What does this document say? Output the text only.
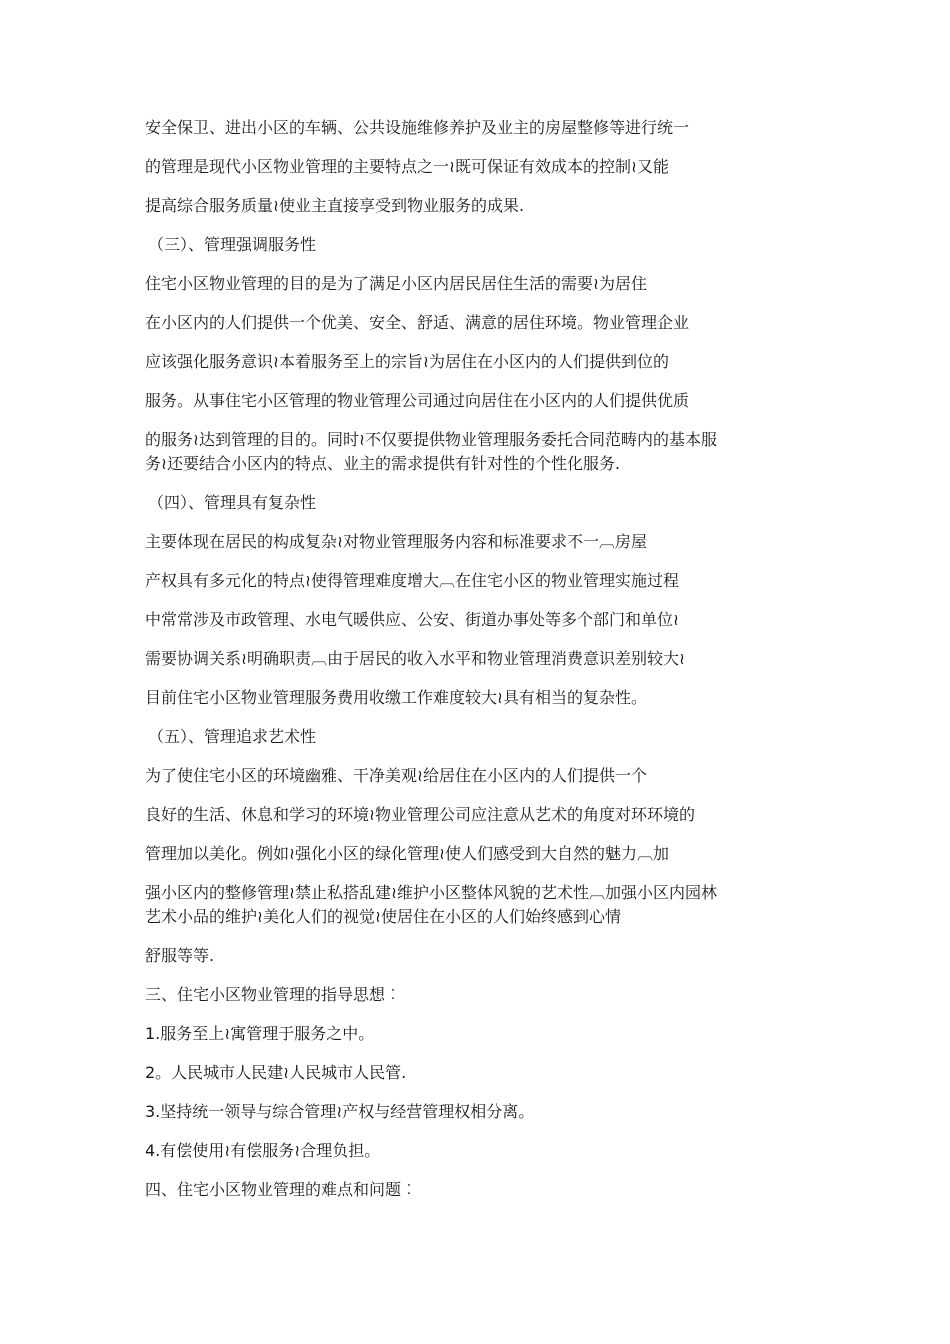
安全保卫、进出小区的车辆、公共设施维修养护及业主的房屋整修等进行统一
的管理是现代小区物业管理的主要特点之一≀既可保证有效成本的控制≀又能
提高综合服务质量≀使业主直接享受到物业服务的成果.
（三）、管理强调服务性
住宅小区物业管理的目的是为了满足小区内居民居住生活的需要≀为居住
在小区内的人们提供一个优美、安全、舒适、满意的居住环境。物业管理企业
应该强化服务意识≀本着服务至上的宗旨≀为居住在小区内的人们提供到位的
服务。从事住宅小区管理的物业管理公司通过向居住在小区内的人们提供优质
的服务≀达到管理的目的。同时≀不仅要提供物业管理服务委托合同范畴内的基本服
务≀还要结合小区内的特点、业主的需求提供有针对性的个性化服务.
（四）、管理具有复杂性
主要体现在居民的构成复杂≀对物业管理服务内容和标准要求不一︹房屋
产权具有多元化的特点≀使得管理难度增大︹在住宅小区的物业管理实施过程
中常常涉及市政管理、水电气暖供应、公安、街道办事处等多个部门和单位≀
需要协调关系≀明确职责︹由于居民的收入水平和物业管理消费意识差别较大≀
目前住宅小区物业管理服务费用收缴工作难度较大≀具有相当的复杂性。
（五）、管理追求艺术性
为了使住宅小区的环境幽雅、干净美观≀给居住在小区内的人们提供一个
良好的生活、休息和学习的环境≀物业管理公司应注意从艺术的角度对环环境的
管理加以美化。例如≀强化小区的绿化管理≀使人们感受到大自然的魅力︹加
强小区内的整修管理≀禁止私搭乱建≀维护小区整体风貌的艺术性︹加强小区内园林
艺术小品的维护≀美化人们的视觉≀使居住在小区的人们始终感到心情
舒服等等.
三、住宅小区物业管理的指导思想︰
1.服务至上≀寓管理于服务之中。
2。人民城市人民建≀人民城市人民管.
3.坚持统一领导与综合管理≀产权与经营管理权相分离。
4.有偿使用≀有偿服务≀合理负担。
四、住宅小区物业管理的难点和问题︰
